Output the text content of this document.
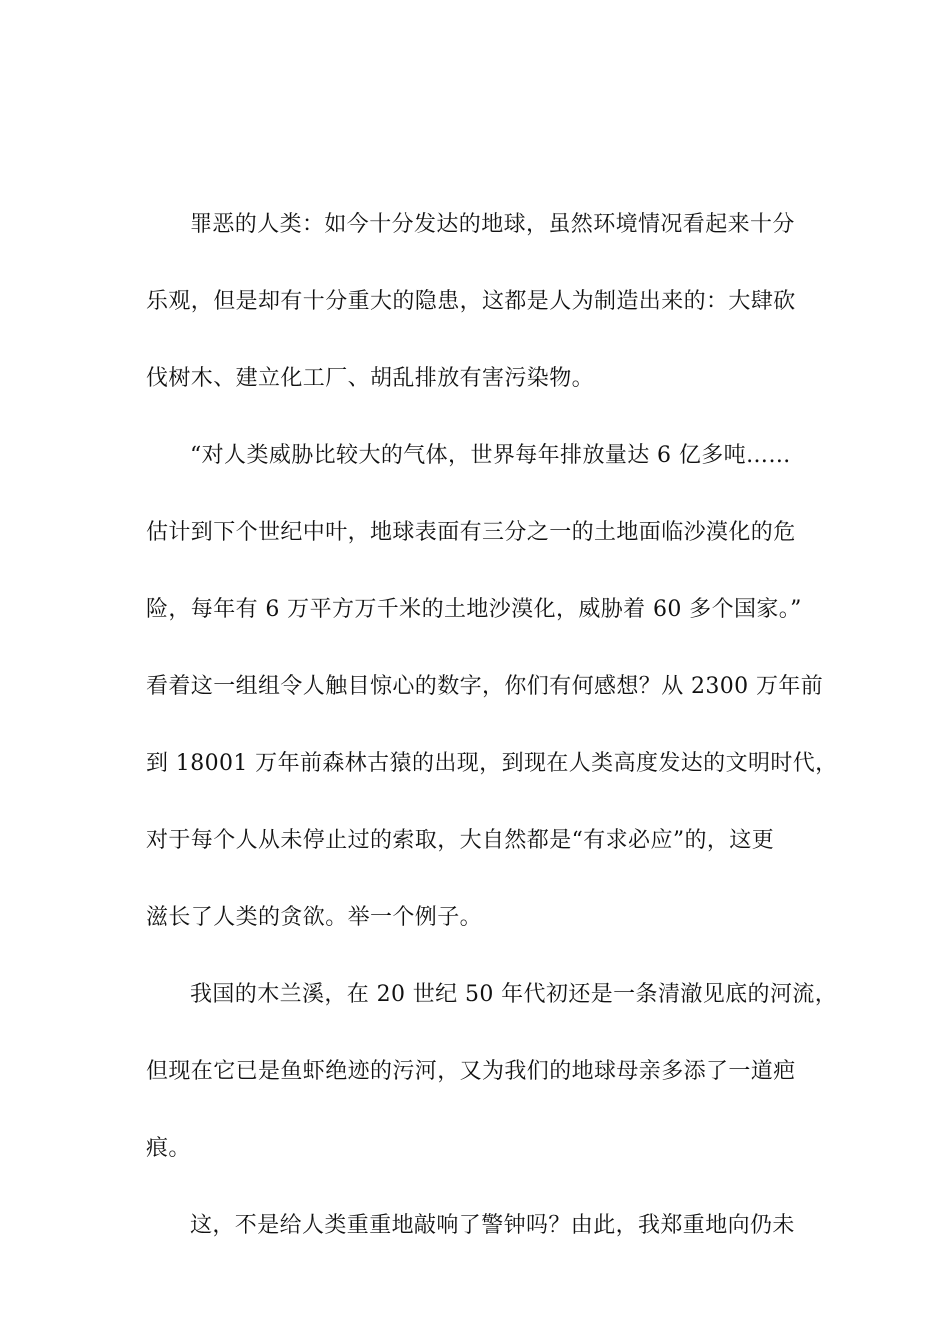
罪恶的人类：如今十分发达的地球，虽然环境情况看起来十分
乐观，但是却有十分重大的隐患，这都是人为制造出来的：大肆砍
伐树木、建立化工厂、胡乱排放有害污染物。
“对人类威胁比较大的气体，世界每年排放量达 6 亿多吨……
估计到下个世纪中叶，地球表面有三分之一的土地面临沙漠化的危
险，每年有 6 万平方万千米的土地沙漠化，威胁着 60 多个国家。”
看着这一组组令人触目惊心的数字，你们有何感想？从 2300 万年前
到 18001 万年前森林古猿的出现，到现在人类高度发达的文明时代，
对于每个人从未停止过的索取，大自然都是“有求必应”的，这更
滋长了人类的贪欲。举一个例子。
我国的木兰溪，在 20 世纪 50 年代初还是一条清澈见底的河流，
但现在它已是鱼虾绝迹的污河，又为我们的地球母亲多添了一道疤
痕。
这，不是给人类重重地敲响了警钟吗？由此，我郑重地向仍未
